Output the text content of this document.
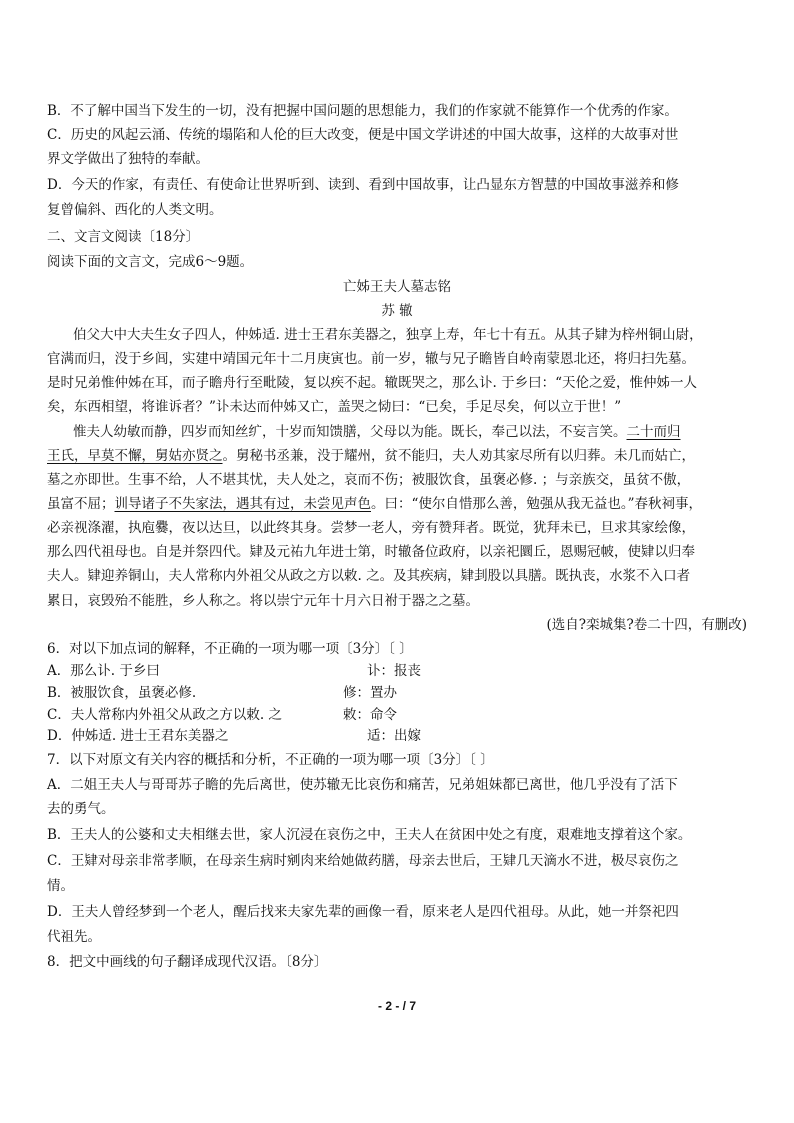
B．不了解中国当下发生的一切，没有把握中国问题的思想能力，我们的作家就不能算作一个优秀的作家。

C．历史的风起云涌、传统的塌陷和人伦的巨大改变，便是中国文学讲述的中国大故事，这样的大故事对世

界文学做出了独特的奉献。

D．今天的作家，有责任、有使命让世界听到、读到、看到中国故事，让凸显东方智慧的中国故事滋养和修

复曾偏斜、西化的人类文明。

二、文言文阅读〔18分〕

阅读下面的文言文，完成6～9题。

亡姊王夫人墓志铭

苏 辙

伯父大中大夫生女子四人，仲姊适. 进士王君东美器之，独享上寿，年七十有五。从其子肄为梓州铜山尉，

官满而归，没于乡闾，实建中靖国元年十二月庚寅也。前一岁，辙与兄子瞻皆自岭南蒙恩北还，将归扫先墓。

是时兄弟惟仲姊在耳，而子瞻舟行至毗陵，复以疾不起。辙既哭之，那么讣. 于乡曰：“天伦之爱，惟仲姊一人

矣，东西相望，将谁诉者？”讣未达而仲姊又亡，盖哭之恸曰：“已矣，手足尽矣，何以立于世！”

惟夫人幼敏而静，四岁而知丝纩，十岁而知馈膳，父母以为能。既长，奉己以法，不妄言笑。二十而归

王氏，早莫不懈，舅姑亦贤之。舅秘书丞兼，没于耀州，贫不能归，夫人劝其家尽所有以归葬。未几而姑亡，

墓之亦即世。生事不给，人不堪其忧，夫人处之，哀而不伤；被服饮食，虽褒必修. ；与亲族交，虽贫不傲，

虽富不屈；训导诸子不失家法，遇其有过，未尝见声色。曰：“使尔自惜那么善，勉强从我无益也。”春秋祠事，

必亲视涤濯，执庖爨，夜以达旦，以此终其身。尝梦一老人，旁有赞拜者。既觉，犹拜未已，旦求其家绘像，

那么四代祖母也。自是并祭四代。肄及元祐九年进士第，时辙备位政府，以亲祀圜丘，恩赐冠帔，使肄以归奉

夫人。肄迎养铜山，夫人常称内外祖父从政之方以敕. 之。及其疾病，肄刲股以具膳。既执丧，水浆不入口者

累日，哀毁殆不能胜，乡人称之。将以崇宁元年十月六日祔于器之之墓。

(选自?栾城集?卷二十四，有删改)

6．对以下加点词的解释，不正确的一项为哪一项〔3分〕〔 〕

A．那么讣. 于乡曰	讣：报丧

B．被服饮食，虽褒必修.	修：置办

C．夫人常称内外祖父从政之方以敕. 之	敕：命令

D．仲姊适. 进士王君东美器之	适：出嫁

7．以下对原文有关内容的概括和分析，不正确的一项为哪一项〔3分〕〔 〕

A．二姐王夫人与哥哥苏子瞻的先后离世，使苏辙无比哀伤和痛苦，兄弟姐妹都已离世，他几乎没有了活下

去的勇气。

B．王夫人的公婆和丈夫相继去世，家人沉浸在哀伤之中，王夫人在贫困中处之有度，艰难地支撑着这个家。

C．王肄对母亲非常孝顺，在母亲生病时剜肉来给她做药膳，母亲去世后，王肄几天滴水不进，极尽哀伤之

情。

D．王夫人曾经梦到一个老人，醒后找来夫家先辈的画像一看，原来老人是四代祖母。从此，她一并祭祀四

代祖先。

8．把文中画线的句子翻译成现代汉语。〔8分〕

- 2 - / 7
